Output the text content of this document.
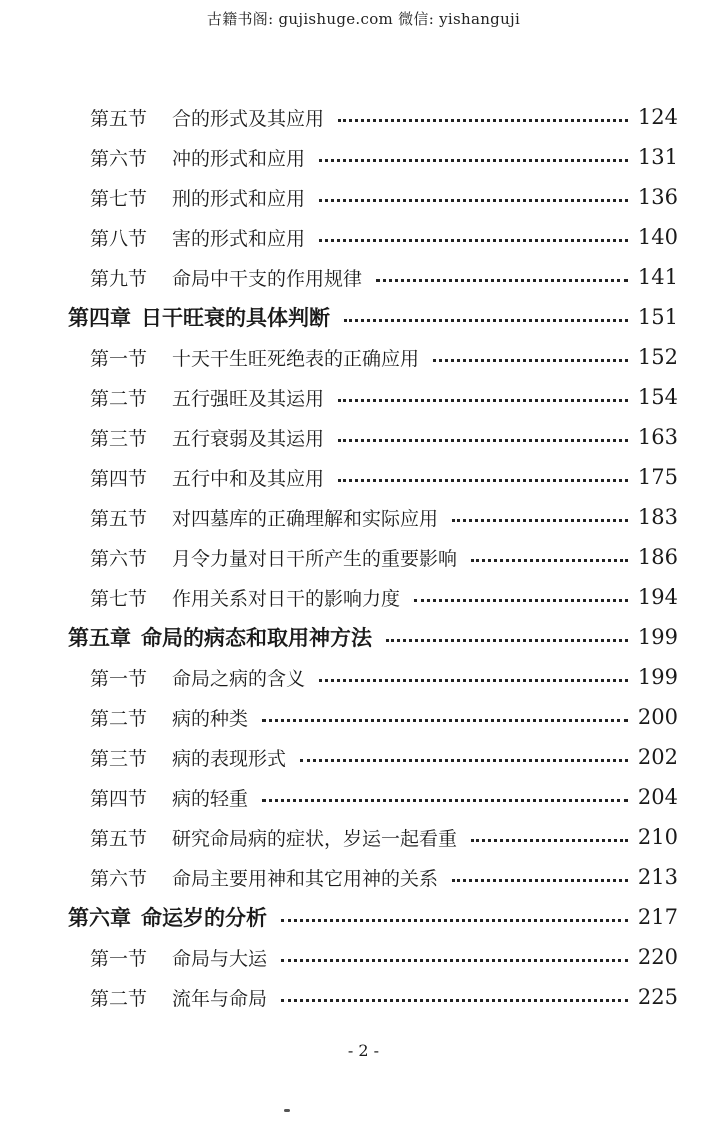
古籍书阁: gujishuge.com 微信: yishanguji
第五节	合的形式及其应用	124
第六节	冲的形式和应用	131
第七节	刑的形式和应用	136
第八节	害的形式和应用	140
第九节	命局中干支的作用规律	141
第四章 日干旺衰的具体判断	151
第一节	十天干生旺死绝表的正确应用	152
第二节	五行强旺及其运用	154
第三节	五行衰弱及其运用	163
第四节	五行中和及其应用	175
第五节	对四墓库的正确理解和实际应用	183
第六节	月令力量对日干所产生的重要影响	186
第七节	作用关系对日干的影响力度	194
第五章 命局的病态和取用神方法	199
第一节	命局之病的含义	199
第二节	病的种类	200
第三节	病的表现形式	202
第四节	病的轻重	204
第五节	研究命局病的症状，岁运一起看重	210
第六节	命局主要用神和其它用神的关系	213
第六章 命运岁的分析	217
第一节	命局与大运	220
第二节	流年与命局	225
- 2 -
